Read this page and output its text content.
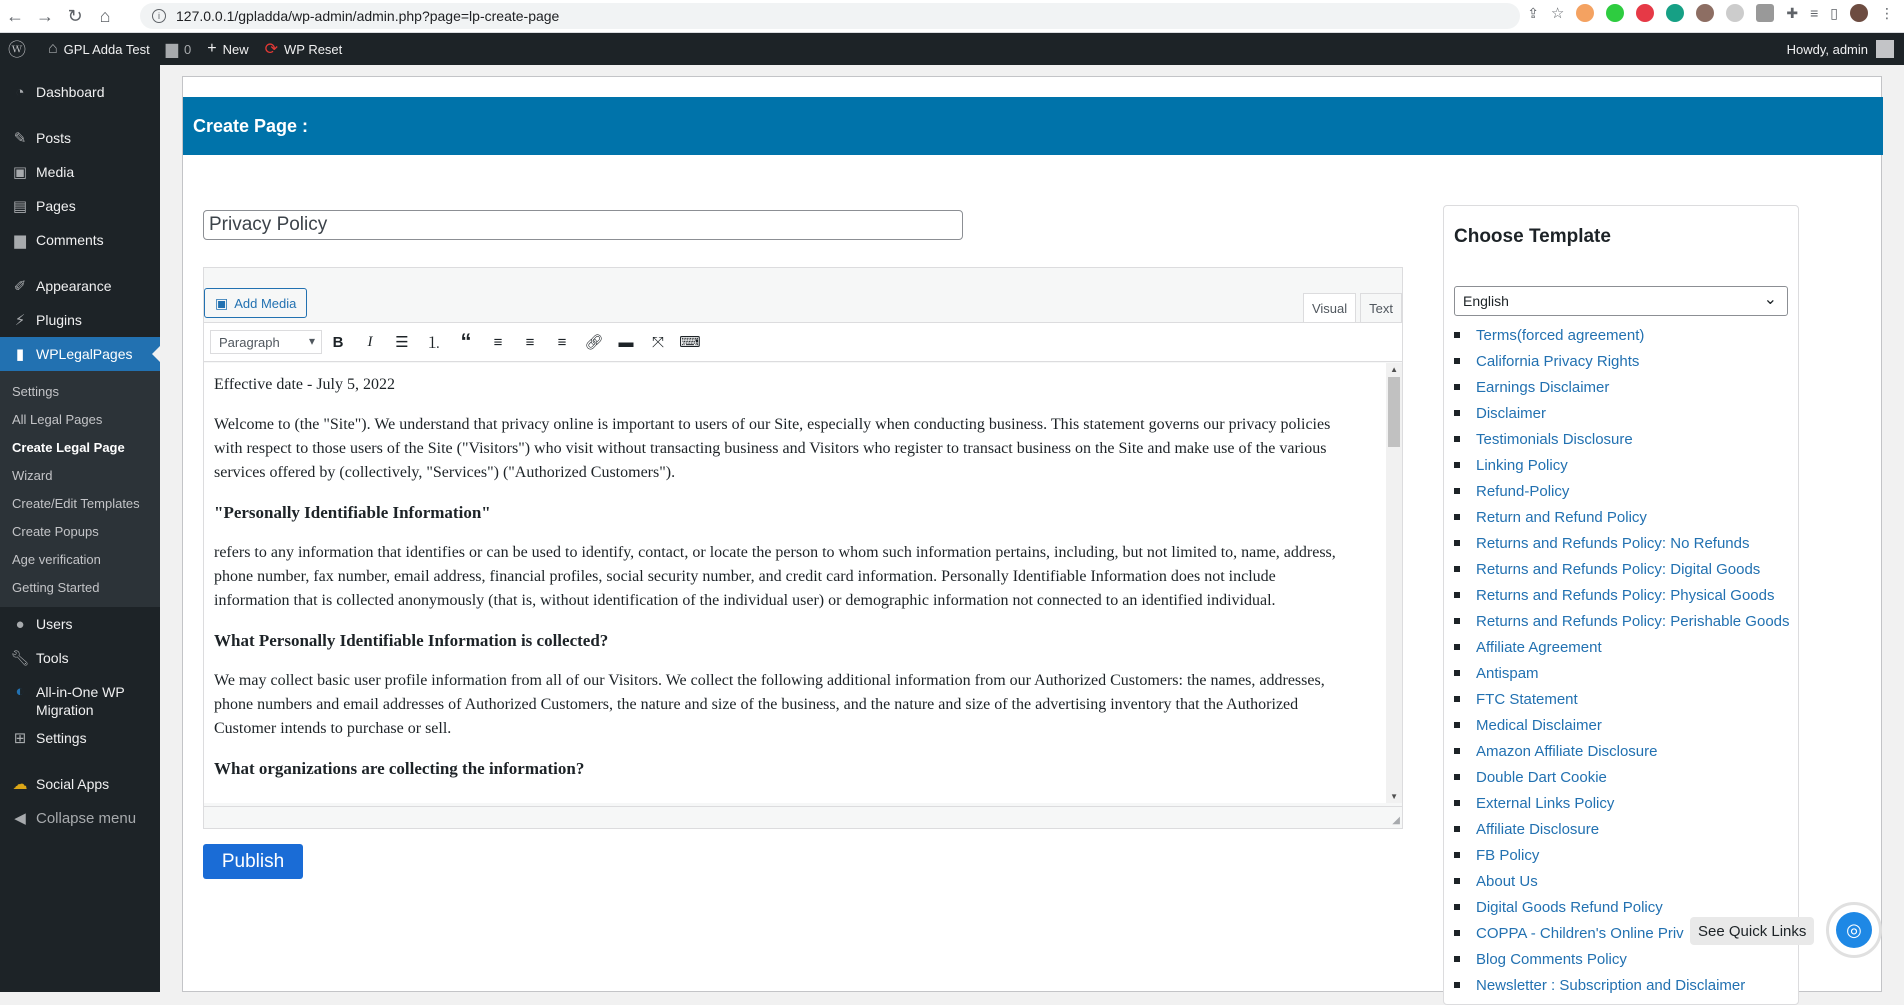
← → ↻ ⌂	i	127.0.0.1/gpladda/wp-admin/admin.php?page=lp-create-page	⇪ ☆	✚ ≡ ▯	⋮
ⓦ ⌂ GPL Adda Test ▆ 0 + New ⟳ WP Reset	Howdy, admin
◔ Dashboard
✎ Posts
▣ Media
▤ Pages
▆ Comments
✐ Appearance
⚡ Plugins
▮ WPLegalPages
Settings
All Legal Pages
Create Legal Page
Wizard
Create/Edit Templates
Create Popups
Age verification
Getting Started
● Users
🔧︎ Tools
◐ All-in-One WP Migration
⊞ Settings
☁ Social Apps
◀ Collapse menu
Create Page :
Privacy Policy
▣ Add Media	Visual	Text
Paragraph ▾	B	I	☰	⒈ “	≡	≡	≡	🔗︎ ▬	⤧	⌨

Effective date - July 5, 2022

Welcome to (the "Site"). We understand that privacy online is important to users of our Site, especially when conducting business. This statement governs our privacy policies with respect to those users of the Site ("Visitors") who visit without transacting business and Visitors who register to transact business on the Site and make use of the various services offered by (collectively, "Services") ("Authorized Customers").

"Personally Identifiable Information"

refers to any information that identifies or can be used to identify, contact, or locate the person to whom such information pertains, including, but not limited to, name, address, phone number, fax number, email address, financial profiles, social security number, and credit card information. Personally Identifiable Information does not include information that is collected anonymously (that is, without identification of the individual user) or demographic information not connected to an identified individual.

What Personally Identifiable Information is collected?

We may collect basic user profile information from all of our Visitors. We collect the following additional information from our Authorized Customers: the names, addresses, phone numbers and email addresses of Authorized Customers, the nature and size of the business, and the nature and size of the advertising inventory that the Authorized Customer intends to purchase or sell.

What organizations are collecting the information?
▲
▼
◢
Publish
Choose Template
English ⌄
Terms(forced agreement)
California Privacy Rights
Earnings Disclaimer
Disclaimer
Testimonials Disclosure
Linking Policy
Refund-Policy
Return and Refund Policy
Returns and Refunds Policy: No Refunds
Returns and Refunds Policy: Digital Goods
Returns and Refunds Policy: Physical Goods
Returns and Refunds Policy: Perishable Goods
Affiliate Agreement
Antispam
FTC Statement
Medical Disclaimer
Amazon Affiliate Disclosure
Double Dart Cookie
External Links Policy
Affiliate Disclosure
FB Policy
About Us
Digital Goods Refund Policy
COPPA - Children's Online Priv
Blog Comments Policy
Newsletter : Subscription and Disclaimer
See Quick Links	◎
